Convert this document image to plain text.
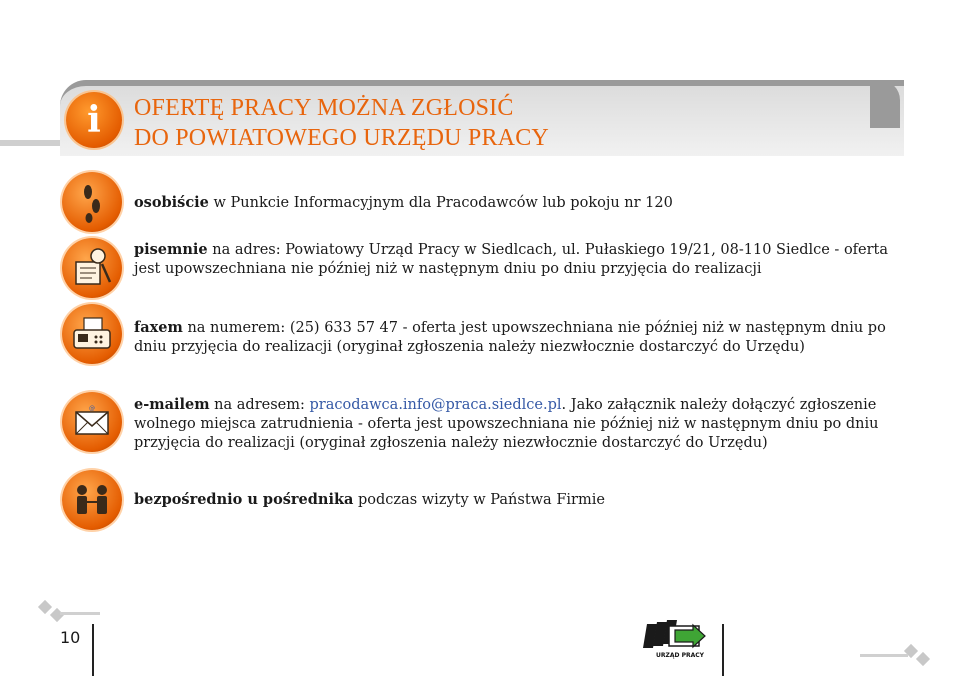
i OFERTĘ PRACY MOŻNA ZGŁOSIĆ
DO POWIATOWEGO URZĘDU PRACY
osobiście w Punkcie Informacyjnym dla Pracodawców lub pokoju nr 120
pisemnie na adres: Powiatowy Urząd Pracy w Siedlcach, ul. Pułaskiego 19/21, 08-110 Siedlce - oferta jest upowszechniana nie później niż w następnym dniu po dniu przyjęcia do realizacji
faxem na numerem: (25) 633 57 47 - oferta jest upowszechniana nie później niż w następnym dniu po dniu przyjęcia do realizacji (oryginał zgłoszenia należy niezwłocznie dostarczyć do Urzędu)
@	e-mailem na adresem: pracodawca.info@praca.siedlce.pl. Jako załącznik należy dołączyć zgłoszenie wolnego miejsca zatrudnienia - oferta jest upowszechniana nie później niż w następnym dniu po dniu przyjęcia do realizacji (oryginał zgłoszenia należy niezwłocznie dostarczyć do Urzędu)
bezpośrednio u pośrednika podczas wizyty w Państwa Firmie
10
URZĄD PRACY
